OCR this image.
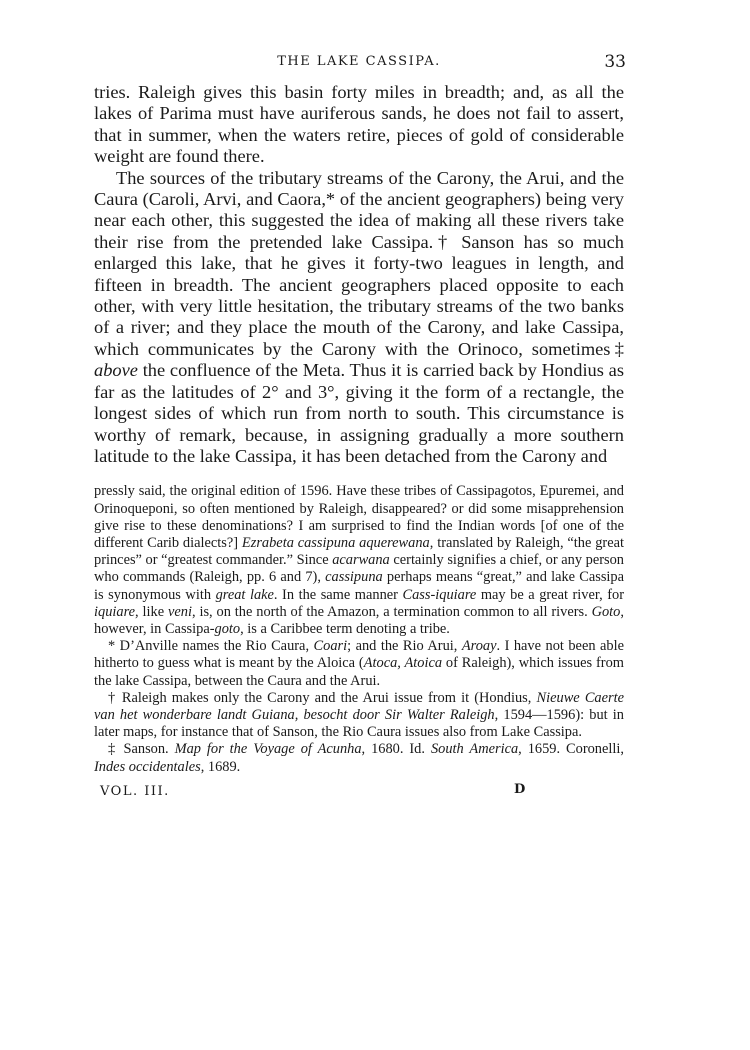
THE LAKE CASSIPA.	33

tries. Raleigh gives this basin forty miles in breadth; and, as all the lakes of Parima must have auriferous sands, he does not fail to assert, that in summer, when the waters retire, pieces of gold of considerable weight are found there.

The sources of the tributary streams of the Carony, the Arui, and the Caura (Caroli, Arvi, and Caora,* of the ancient geographers) being very near each other, this suggested the idea of making all these rivers take their rise from the pretended lake Cassipa.† Sanson has so much enlarged this lake, that he gives it forty-two leagues in length, and fifteen in breadth. The ancient geographers placed opposite to each other, with very little hesitation, the tributary streams of the two banks of a river; and they place the mouth of the Carony, and lake Cassipa, which communicates by the Carony with the Orinoco, sometimes‡ above the confluence of the Meta. Thus it is carried back by Hondius as far as the latitudes of 2° and 3°, giving it the form of a rectangle, the longest sides of which run from north to south. This circumstance is worthy of remark, because, in assigning gradually a more southern latitude to the lake Cassipa, it has been detached from the Carony and

pressly said, the original edition of 1596. Have these tribes of Cassipagotos, Epuremei, and Orinoqueponi, so often mentioned by Raleigh, disappeared? or did some misapprehension give rise to these denominations? I am surprised to find the Indian words [of one of the different Carib dialects?] Ezrabeta cassipuna aquerewana, translated by Raleigh, “the great princes” or “greatest commander.” Since acarwana certainly signifies a chief, or any person who commands (Raleigh, pp. 6 and 7), cassipuna perhaps means “great,” and lake Cassipa is synonymous with great lake. In the same manner Cass-iquiare may be a great river, for iquiare, like veni, is, on the north of the Amazon, a termination common to all rivers. Goto, however, in Cassipa-goto, is a Caribbee term denoting a tribe.

* D’Anville names the Rio Caura, Coari; and the Rio Arui, Aroay. I have not been able hitherto to guess what is meant by the Aloica (Atoca, Atoica of Raleigh), which issues from the lake Cassipa, between the Caura and the Arui.

† Raleigh makes only the Carony and the Arui issue from it (Hondius, Nieuwe Caerte van het wonderbare landt Guiana, besocht door Sir Walter Raleigh, 1594—1596): but in later maps, for instance that of Sanson, the Rio Caura issues also from Lake Cassipa.

‡ Sanson. Map for the Voyage of Acunha, 1680. Id. South America, 1659. Coronelli, Indes occidentales, 1689.

VOL. III.	D
